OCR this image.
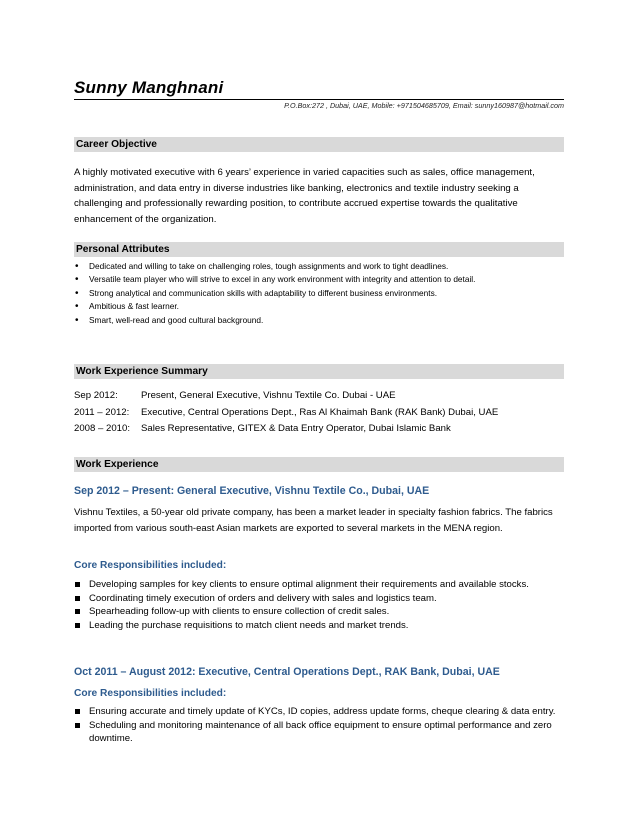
Sunny Manghnani
P.O.Box:272 , Dubai, UAE, Mobile: +971504685709, Email: sunny160987@hotmail.com
Career Objective
A highly motivated executive with 6 years’ experience in varied capacities such as sales, office management, administration, and data entry in diverse industries like banking, electronics and textile industry seeking a challenging and professionally rewarding position, to contribute accrued expertise towards the qualitative enhancement of the organization.
Personal Attributes
• Dedicated and willing to take on challenging roles, tough assignments and work to tight deadlines.
• Versatile team player who will strive to excel in any work environment with integrity and attention to detail.
• Strong analytical and communication skills with adaptability to different business environments.
• Ambitious & fast learner.
• Smart, well-read and good cultural background.
Work Experience Summary
Sep 2012:	Present, General Executive, Vishnu Textile Co. Dubai - UAE
2011 – 2012:	Executive, Central Operations Dept., Ras Al Khaimah Bank (RAK Bank) Dubai, UAE
2008 – 2010:	Sales Representative, GITEX & Data Entry Operator, Dubai Islamic Bank
Work Experience
Sep 2012 – Present: General Executive, Vishnu Textile Co., Dubai, UAE
Vishnu Textiles, a 50-year old private company, has been a market leader in specialty fashion fabrics. The fabrics imported from various south-east Asian markets are exported to several markets in the MENA region.
Core Responsibilities included:
Developing samples for key clients to ensure optimal alignment their requirements and available stocks.
Coordinating timely execution of orders and delivery with sales and logistics team.
Spearheading follow-up with clients to ensure collection of credit sales.
Leading the purchase requisitions to match client needs and market trends.
Oct 2011 – August 2012: Executive, Central Operations Dept., RAK Bank, Dubai, UAE
Core Responsibilities included:
Ensuring accurate and timely update of KYCs, ID copies, address update forms, cheque clearing & data entry.
Scheduling and monitoring maintenance of all back office equipment to ensure optimal performance and zero downtime.
